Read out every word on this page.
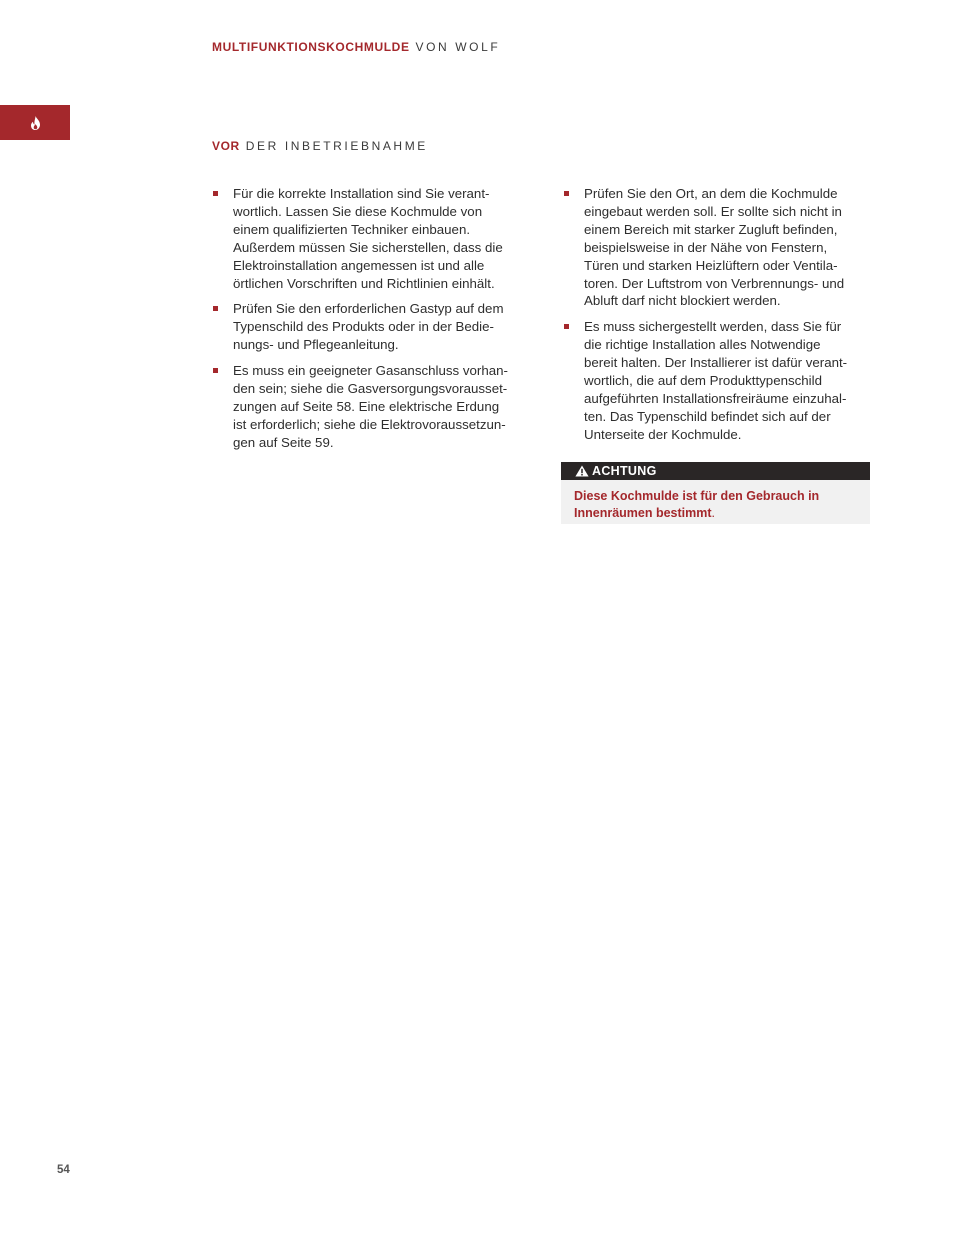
MULTIFUNKTIONSKOCHMULDE VON WOLF
VOR DER INBETRIEBNAHME
Für die korrekte Installation sind Sie verant-
wortlich. Lassen Sie diese Kochmulde von
einem qualifizierten Techniker einbauen.
Außerdem müssen Sie sicherstellen, dass die
Elektroinstallation angemessen ist und alle
örtlichen Vorschriften und Richtlinien einhält.
Prüfen Sie den erforderlichen Gastyp auf dem
Typenschild des Produkts oder in der Bedie-
nungs- und Pflegeanleitung.
Es muss ein geeigneter Gasanschluss vorhan-
den sein; siehe die Gasversorgungsvorausset-
zungen auf Seite 58. Eine elektrische Erdung
ist erforderlich; siehe die Elektrovoraussetzun-
gen auf Seite 59.
Prüfen Sie den Ort, an dem die Kochmulde
eingebaut werden soll. Er sollte sich nicht in
einem Bereich mit starker Zugluft befinden,
beispielsweise in der Nähe von Fenstern,
Türen und starken Heizlüftern oder Ventila-
toren. Der Luftstrom von Verbrennungs- und
Abluft darf nicht blockiert werden.
Es muss sichergestellt werden, dass Sie für
die richtige Installation alles Notwendige
bereit halten. Der Installierer ist dafür verant-
wortlich, die auf dem Produkttypenschild
aufgeführten Installationsfreiräume einzuhal-
ten. Das Typenschild befindet sich auf der
Unterseite der Kochmulde.
ACHTUNG
Diese Kochmulde ist für den Gebrauch in
Innenräumen bestimmt.
54
